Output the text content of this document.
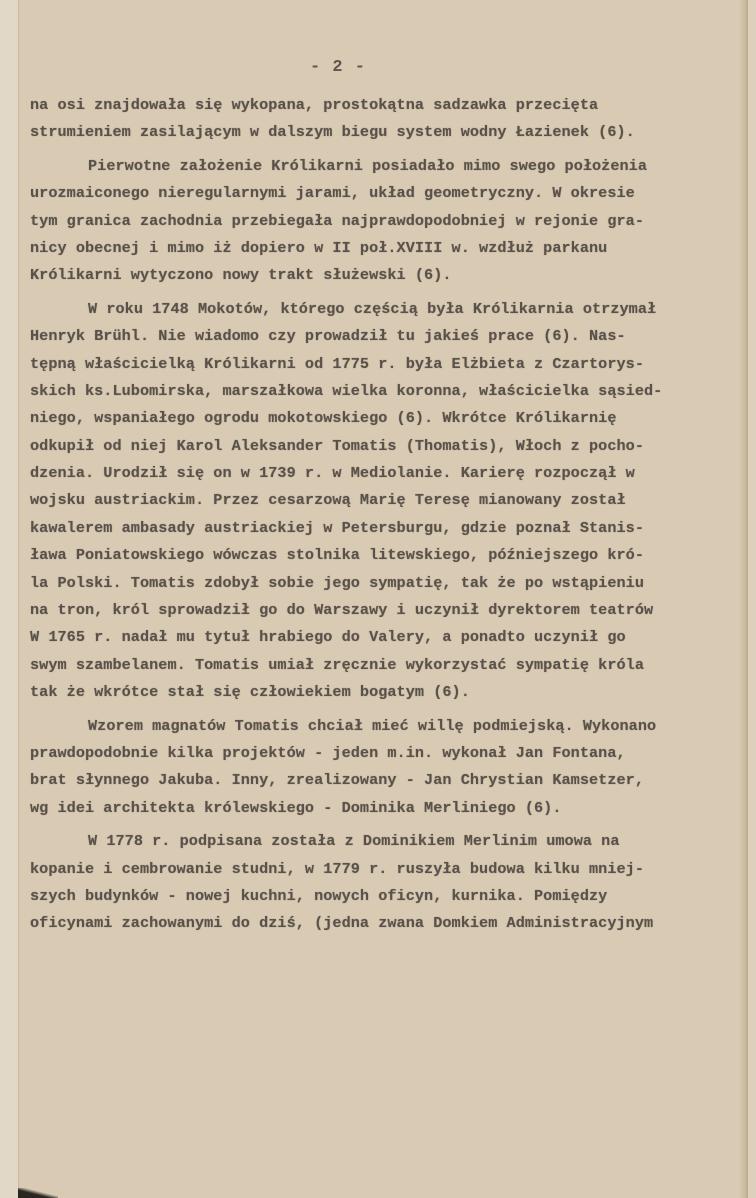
- 2 -
na osi znajdowała się wykopana, prostokątna sadzawka przecięta
strumieniem zasilającym w dalszym biegu system wodny Łazienek (6).
Pierwotne założenie Królikarni posiadało mimo swego położenia
urozmaiconego nieregularnymi jarami, układ geometryczny. W okresie
tym granica zachodnia przebiegała najprawdopodobniej w rejonie gra-
nicy obecnej i mimo iż dopiero w II poł.XVIII w. wzdłuż parkanu
Królikarni wytyczono nowy trakt służewski (6).
W roku 1748 Mokotów, którego częścią była Królikarnia otrzymał
Henryk Brühl. Nie wiadomo czy prowadził tu jakieś prace (6). Nas-
tępną właścicielką Królikarni od 1775 r. była Elżbieta z Czartorys-
skich ks.Lubomirska, marszałkowa wielka koronna, właścicielka sąsied-
niego, wspaniałego ogrodu mokotowskiego (6). Wkrótce Królikarnię
odkupił od niej Karol Aleksander Tomatis (Thomatis), Włoch z pocho-
dzenia. Urodził się on w 1739 r. w Mediolanie. Karierę rozpoczął w
wojsku austriackim. Przez cesarzową Marię Teresę mianowany został
kawalerem ambasady austriackiej w Petersburgu, gdzie poznał Stanis-
ława Poniatowskiego wówczas stolnika litewskiego, późniejszego kró-
la Polski. Tomatis zdobył sobie jego sympatię, tak że po wstąpieniu
na tron, król sprowadził go do Warszawy i uczynił dyrektorem teatrów
W 1765 r. nadał mu tytuł hrabiego do Valery, a ponadto uczynił go
swym szambelanem. Tomatis umiał zręcznie wykorzystać sympatię króla
tak że wkrótce stał się człowiekiem bogatym (6).
Wzorem magnatów Tomatis chciał mieć willę podmiejską. Wykonano
prawdopodobnie kilka projektów - jeden m.in. wykonał Jan Fontana,
brat słynnego Jakuba. Inny, zrealizowany - Jan Chrystian Kamsetzer,
wg idei architekta królewskiego - Dominika Merliniego (6).
W 1778 r. podpisana została z Dominikiem Merlinim umowa na
kopanie i cembrowanie studni, w 1779 r. ruszyła budowa kilku mniej-
szych budynków - nowej kuchni, nowych oficyn, kurnika. Pomiędzy
oficynami zachowanymi do dziś, (jedna zwana Domkiem Administracyjnym
